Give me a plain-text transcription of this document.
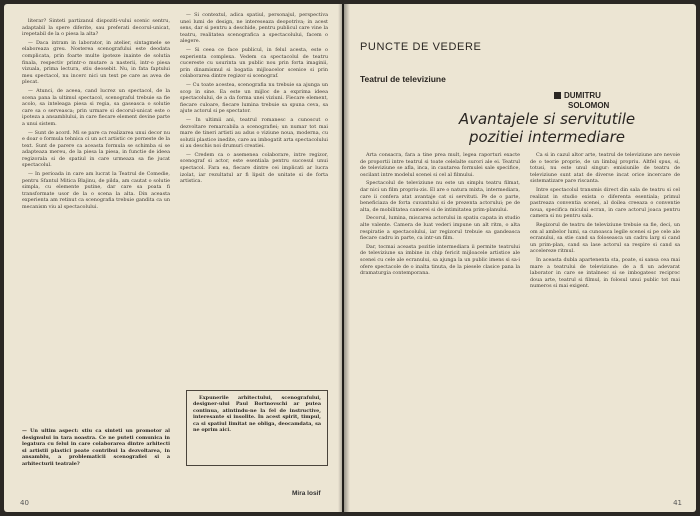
literar? Sinteti partizanul dispoziti-vului scenic sentru, adaptabil la spere diferite, sau preferati decorul-unicat, irepetabil de la o piesa la alta?

— Daca intram in laborator, in atelier, sintagmele se elaboreaza greu. Nosterea scenografului este deodata complicata, prin foarte multe ipoteze inainte de solutia finala, respectiv printr-o mutare a nasterii, intr-o piesa vizuala, prima lectura, stiu deosebit. Nu, in fata faptului meu spectacol, nu incerc nici un text pe care as avea de plecat.

— Atunci, de aceea, cand lucrez un spectacol, de la scena pana la ultimul spectacol, scenograful trebuie sa fie acolo, sa inteleaga piesa si regia, sa gaseasca o solutie care sa o serveasca; prin urmare si decorul-unicat este o ipoteza a ansamblului, in care fiecare element devine parte a unui sistem.

— Sunt de acord. Mi se pare ca realizarea unui decor nu e doar o formula tehnica ci un act artistic ce porneste de la text. Sunt de parere ca aceasta formula se schimba si se adapteaza mereu, de la piesa la piesa, in functie de ideea regizorala si de spatiul in care urmeaza sa fie jucat spectacolul.

— In perioada in care am lucrat la Teatrul de Comedie, pentru Sfantul Mitica Blajinu, de pilda, am cautat o solutie simpla, cu elemente putine, dar care sa poata fi transformate usor de la o scena la alta. Din aceasta experienta am retinut ca scenografia trebuie gandita ca un mecanism viu al spectacolului.

— Si contextul, adica spatiul, personajul, perspectiva unei lumi de design, ne intereseaza deopotriva; in acest sens, dar si pentru a deschide, pentru publicul care vine la teatru, realitatea scenografica a spectacolului, facem o alegere.

— Si ceea ce face publicul, in felul acesta, este o experienta complexa. Vedem ca spectacolul de teatru cucereste cu usurinta un public nou prin forta imaginii, prin dinamismul si bogatia mijloacelor scenice si prin colaborarea dintre regizor si scenograf.

— Cu toate acestea, scenografia nu trebuie sa ajunga un scop in sine. Ea este un mijloc de a exprima ideea spectacolului, de a da forma unei viziuni. Fiecare element, fiecare culoare, fiecare lumina trebuie sa spuna ceva, sa ajute actorul si pe spectator.

— In ultimii ani, teatrul romanesc a cunoscut o dezvoltare remarcabila a scenografiei; un numar tot mai mare de tineri artisti au adus o viziune noua, moderna, cu solutii plastice inedite, care au imbogatit arta spectacolului si au deschis noi drumuri creatiei.

— Credem ca o asemenea colaborare, intre regizor, scenograf si actor, este esentiala pentru succesul unui spectacol. Fara ea, fiecare dintre cei implicati ar lucra izolat, iar rezultatul ar fi lipsit de unitate si de forta artistica.

— Un ultim aspect: stiu ca sinteti un promotor al designului in tara noastra. Ce ne puteti comunica in legatura cu felul in care colaborarea dintre arhitecti si artistii plastici poate contribui la dezvoltarea, in ansamblu, a problematicii scenografiei si a arhitecturii teatrale?

Expunerile arhitectului, scenografului, designer-ului Paul Bortnovschi ar putea continua, atintindu-ne la fel de instructive, interesante si insolite. In acest spirit, timpul, ca si spatiul limitat ne obliga, deocamdata, sa ne oprim aici.

Mira Iosif
40
PUNCTE DE VEDERE
Teatrul de televiziune
DUMITRU
SOLOMON
Avantajele si servitutile
pozitiei intermediare

Arta consacra, fara a tine prea mult, legea raporturi exacte de proportii intre teatrul si toate celelalte surori ale ei. Teatrul de televiziune se afla, inca, in cautarea formulei sale specifice, oscilant intre modelul scenei si cel al filmului.

Spectacolul de televiziune nu este un simplu teatru filmat, dar nici un film propriu-zis. El are o natura mixta, intermediara, care ii confera atat avantaje cat si servituti. Pe de o parte, beneficiaza de forta cuvantului si de prezenta actorului; pe de alta, de mobilitatea camerei si de intimitatea prim-planului.

Decorul, lumina, miscarea actorului in spatiu capata in studio alte valente. Camera de luat vederi impune un alt ritm, o alta respiratie a spectacolului, iar regizorul trebuie sa gandeasca fiecare cadru in parte, ca intr-un film.

Dar, tocmai aceasta pozitie intermediara ii permite teatrului de televiziune sa imbine in chip fericit mijloacele artistice ale scenei cu cele ale ecranului, sa ajunga la un public imens si sa-i ofere spectacole de o inalta tinuta, de la piesele clasice pana la dramaturgia contemporana.

Ca si in cazul altor arte, teatrul de televiziune are nevoie de o teorie proprie, de un limbaj propriu. Altfel spus, si, totusi, nu este unul singur: emisiunile de teatru de televiziune sunt atat de diverse incat orice incercare de sistematizare pare riscanta.

Intre spectacolul transmis direct din sala de teatru si cel realizat in studio exista o diferenta esentiala; primul pastreaza conventia scenei, al doilea creeaza o conventie noua, specifica micului ecran, in care actorul joaca pentru camera si nu pentru sala.

Regizorul de teatru de televiziune trebuie sa fie, deci, un om al ambelor lumi, sa cunoasca legile scenei si pe cele ale ecranului, sa stie cand sa foloseasca un cadru larg si cand un prim-plan, cand sa lase actorul sa respire si cand sa accelereze ritmul.

In aceasta dubla apartenenta sta, poate, si sansa cea mai mare a teatrului de televiziune: de a fi un adevarat laborator in care se intalnesc si se imbogatesc reciproc doua arte, teatrul si filmul, in folosul unui public tot mai numeros si mai exigent.

41
